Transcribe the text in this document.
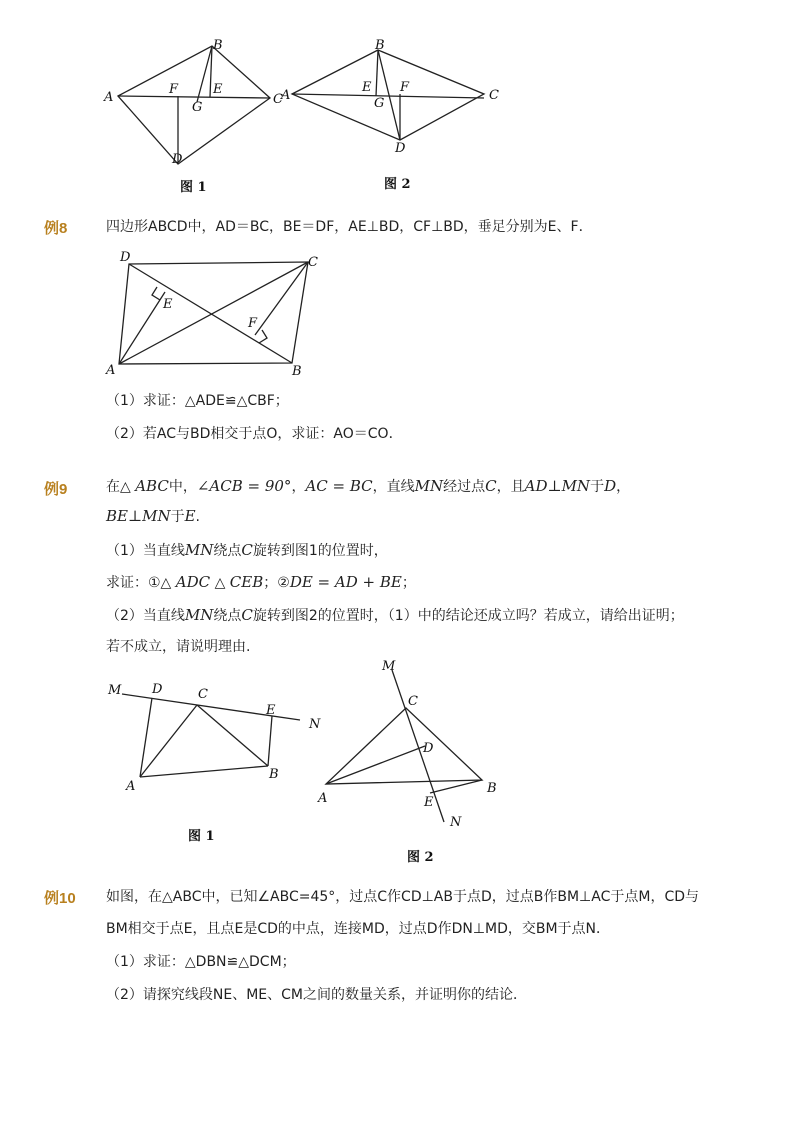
A
B
C
D
E
F
G
图 1
A
B
C
D
E F
G
图 2
例8	四边形ABCD中，AD＝BC，BE＝DF，AE⊥BD，CF⊥BD，垂足分别为E、F．
A	B
C
D
E
F
（1）求证：△ADE≌△CBF；
（2）若AC与BD相交于点O，求证：AO＝CO．
例9	在△ ABC中，∠ACB = 90°，AC = BC，直线MN经过点C，且AD⊥MN于D，
BE⊥MN于E.
（1）当直线MN绕点C旋转到图1的位置时，
求证：①△ ADC △ CEB；②DE = AD + BE；
（2）当直线MN绕点C旋转到图2的位置时，（1）中的结论还成立吗？若成立，请给出证明；
若不成立，请说明理由.
M D	C
E
N
A
B
图 1
M
C
D
A	E
B
N
图 2
例10 如图，在△ABC中，已知∠ABC=45°，过点C作CD⊥AB于点D，过点B作BM⊥AC于点M，CD与
BM相交于点E，且点E是CD的中点，连接MD，过点D作DN⊥MD，交BM于点N．
（1）求证：△DBN≌△DCM；
（2）请探究线段NE、ME、CM之间的数量关系，并证明你的结论．
